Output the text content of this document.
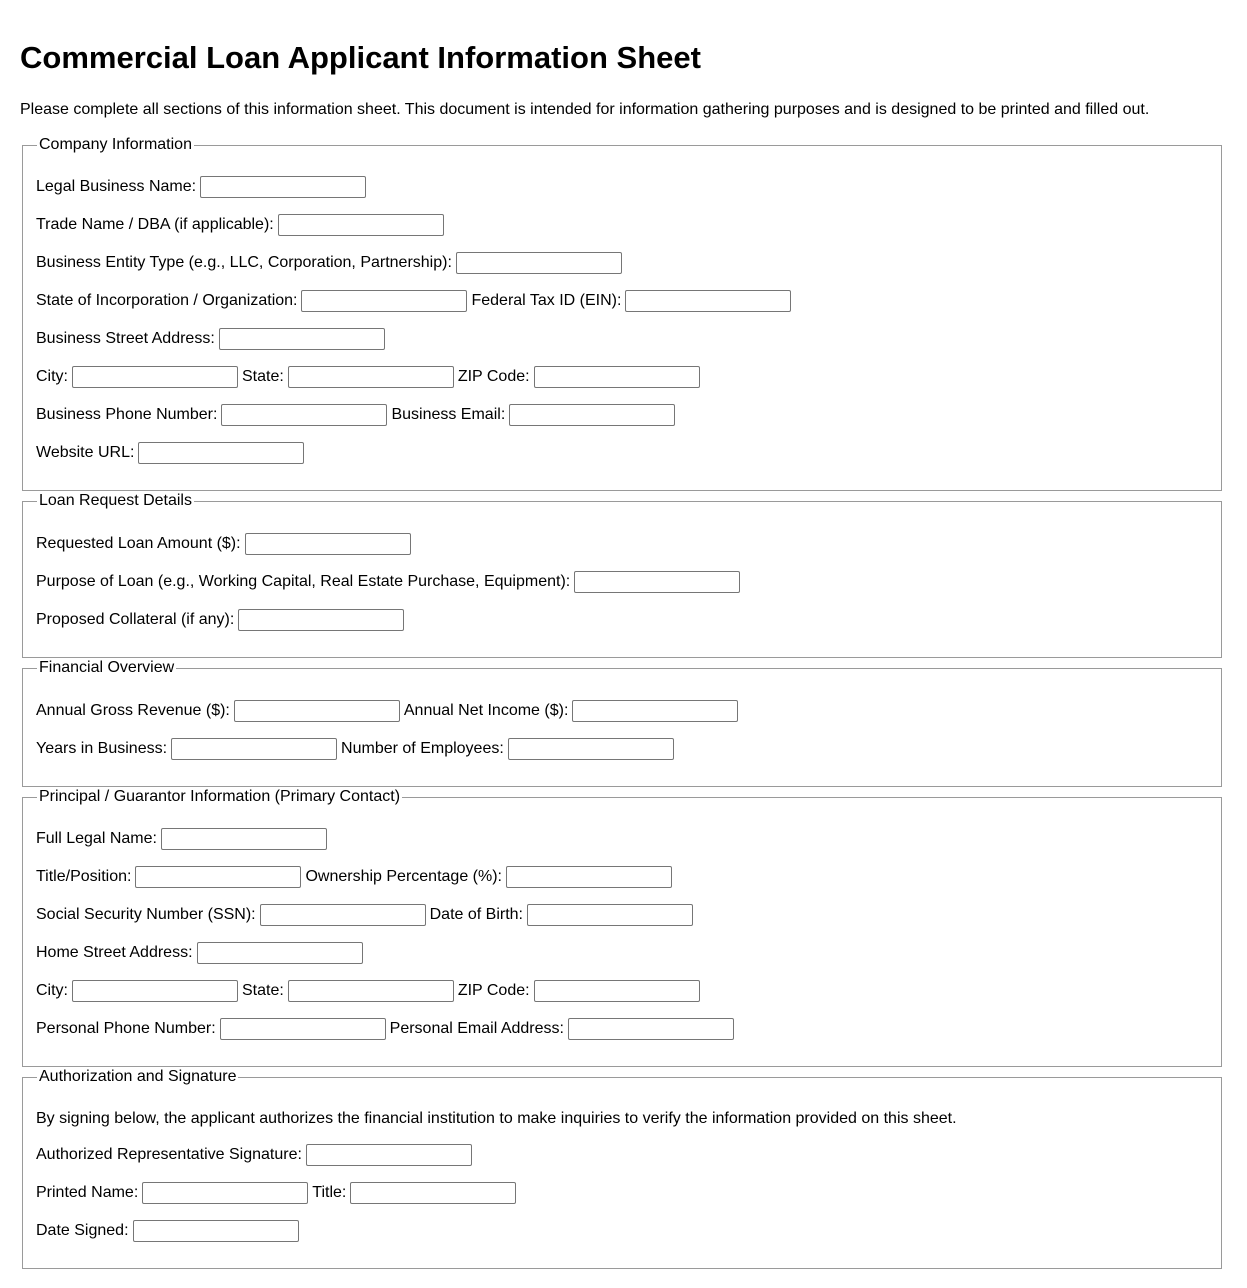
Commercial Loan Applicant Information Sheet

Please complete all sections of this information sheet. This document is intended for information gathering purposes and is designed to be printed and filled out.

Company Information
Legal Business Name:
Trade Name / DBA (if applicable):
Business Entity Type (e.g., LLC, Corporation, Partnership):
State of Incorporation / Organization:	Federal Tax ID (EIN):
Business Street Address:
City:	State:	ZIP Code:
Business Phone Number:	Business Email:
Website URL:
Loan Request Details
Requested Loan Amount ($):
Purpose of Loan (e.g., Working Capital, Real Estate Purchase, Equipment):
Proposed Collateral (if any):
Financial Overview
Annual Gross Revenue ($):	Annual Net Income ($):
Years in Business:	Number of Employees:
Principal / Guarantor Information (Primary Contact)
Full Legal Name:
Title/Position:	Ownership Percentage (%):
Social Security Number (SSN):	Date of Birth:
Home Street Address:
City:	State:	ZIP Code:
Personal Phone Number:	Personal Email Address:
Authorization and Signature
By signing below, the applicant authorizes the financial institution to make inquiries to verify the information provided on this sheet.
Authorized Representative Signature:
Printed Name:	Title:
Date Signed:
